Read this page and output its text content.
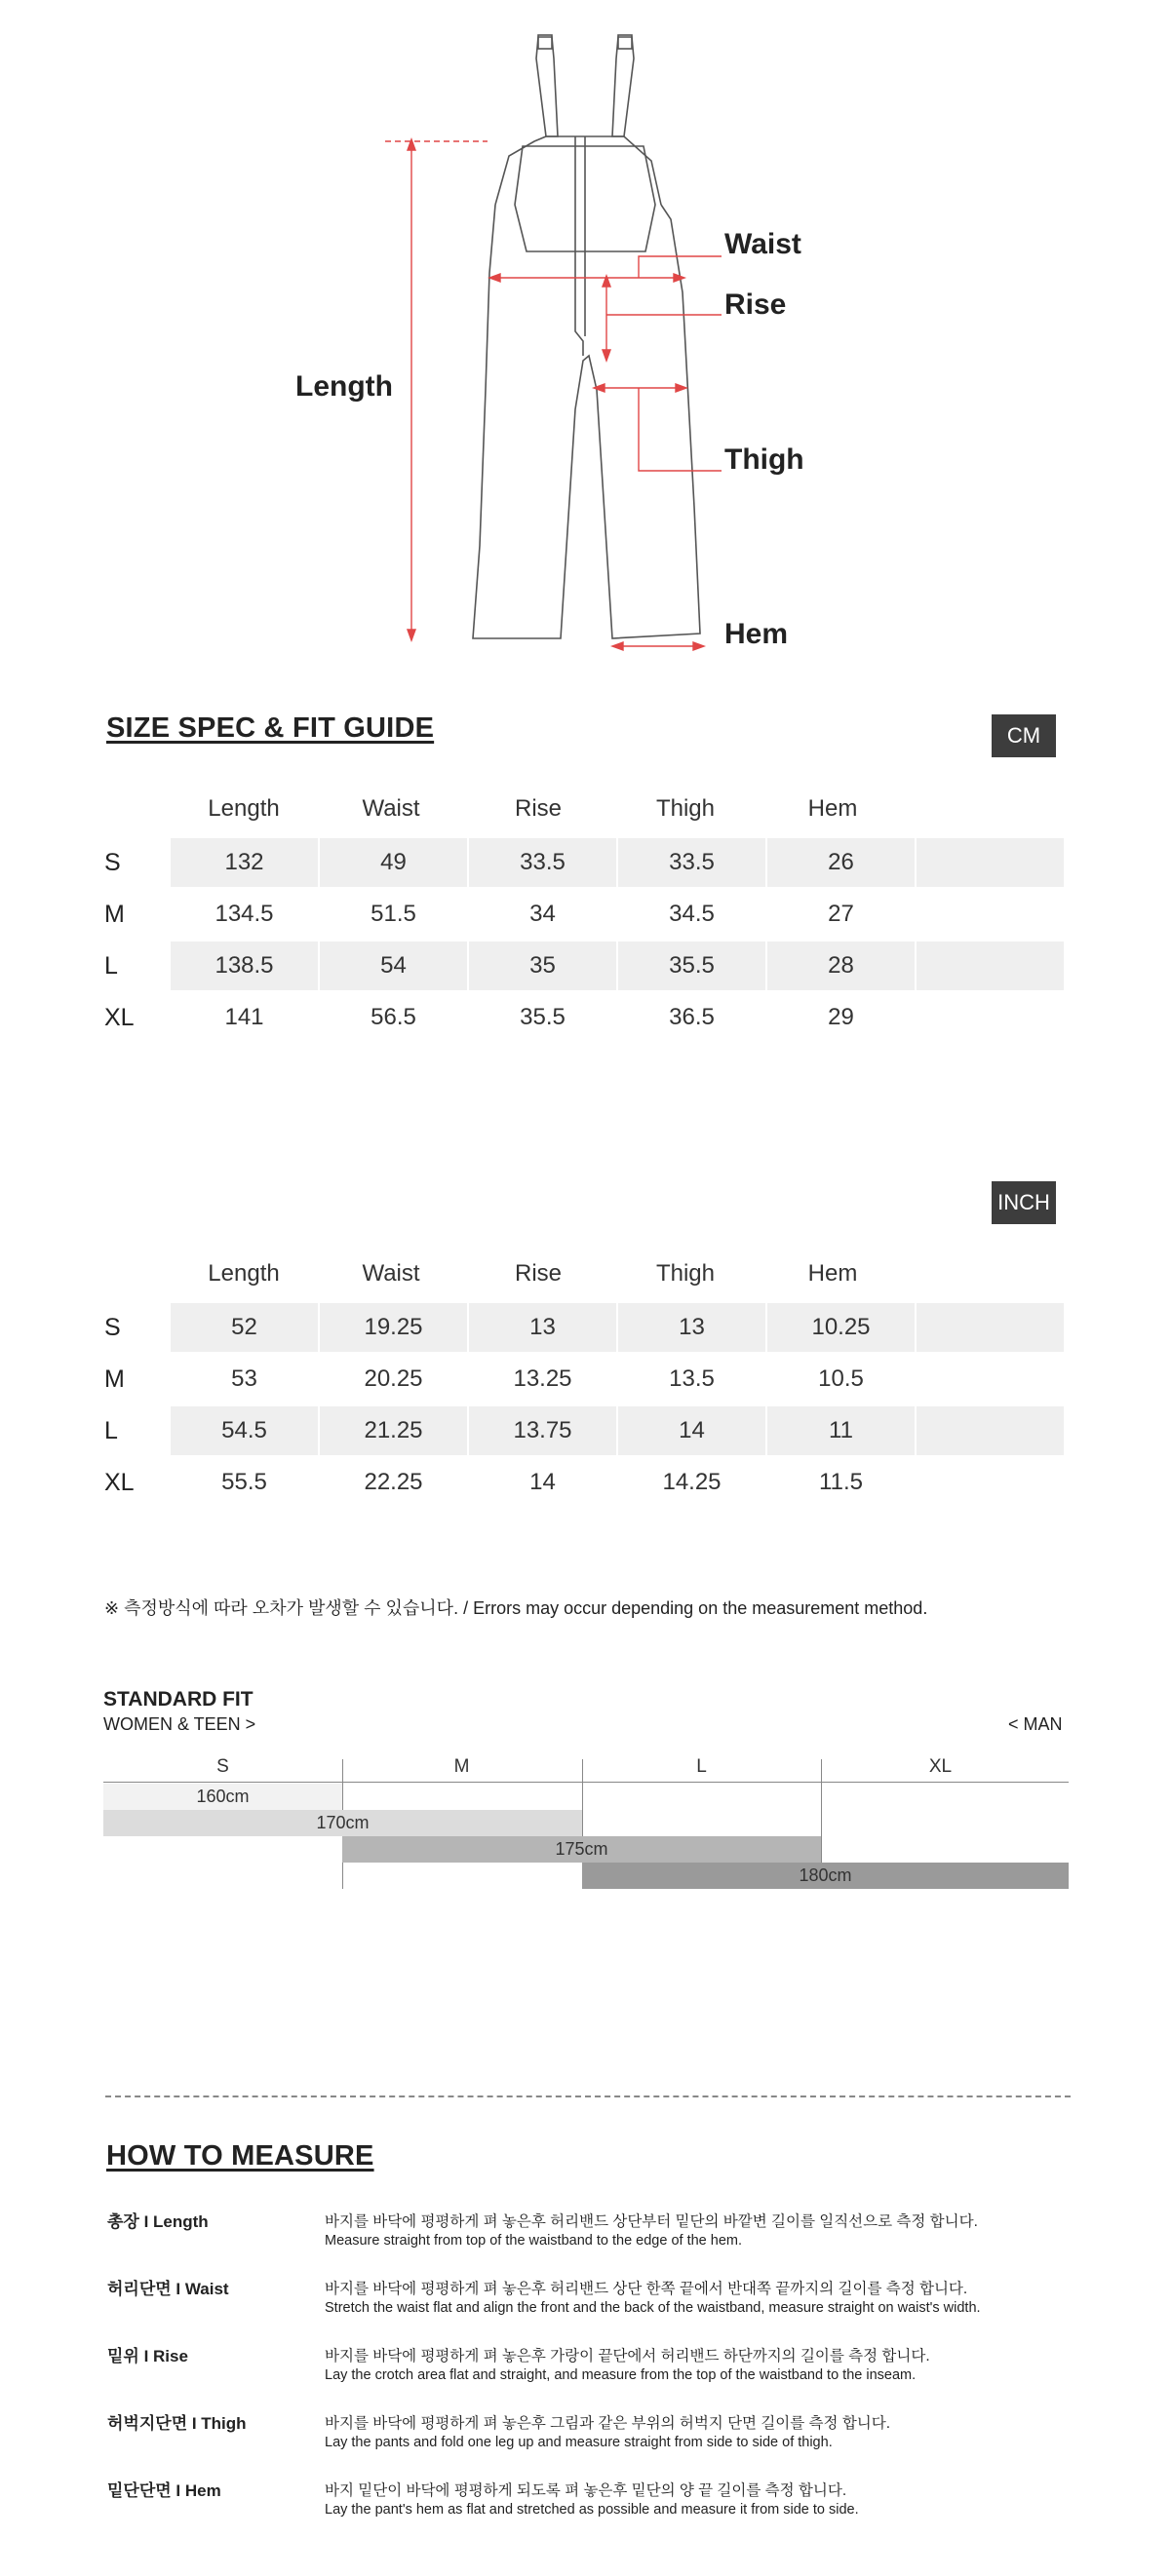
Waist
Rise
Length
Thigh
Hem
SIZE SPEC & FIT GUIDE	CM
Length	Waist	Rise	Thigh	Hem
S	132	49	33.5	33.5	26
M	134.5	51.5	34	34.5	27
L	138.5	54	35	35.5	28
XL	141	56.5	35.5	36.5	29
INCH
Length	Waist	Rise	Thigh	Hem
S	52	19.25	13	13	10.25
M	53	20.25	13.25	13.5	10.5
L	54.5	21.25	13.75	14	11
XL	55.5	22.25	14	14.25	11.5
※ 측정방식에 따라 오차가 발생할 수 있습니다. / Errors may occur depending on the measurement method.
STANDARD FIT
WOMEN & TEEN >	< MAN
S	M	L	XL
160cm
170cm
175cm
180cm
HOW TO MEASURE
총장 I Length	바지를 바닥에 평평하게 펴 놓은후 허리밴드 상단부터 밑단의 바깥변 길이를 일직선으로 측정 합니다.
Measure straight from top of the waistband to the edge of the hem.
허리단면 I Waist	바지를 바닥에 평평하게 펴 놓은후 허리밴드 상단 한쪽 끝에서 반대쪽 끝까지의 길이를 측정 합니다.
Stretch the waist flat and align the front and the back of the waistband, measure straight on waist's width.
밑위 I Rise	바지를 바닥에 평평하게 펴 놓은후 가랑이 끝단에서 허리밴드 하단까지의 길이를 측정 합니다.
Lay the crotch area flat and straight, and measure from the top of the waistband to the inseam.
허벅지단면 I Thigh	바지를 바닥에 평평하게 펴 놓은후 그림과 같은 부위의 허벅지 단면 길이를 측정 합니다.
Lay the pants and fold one leg up and measure straight from side to side of thigh.
밑단단면 I Hem	바지 밑단이 바닥에 평평하게 되도록 펴 놓은후 밑단의 양 끝 길이를 측정 합니다.
Lay the pant's hem as flat and stretched as possible and measure it from side to side.
